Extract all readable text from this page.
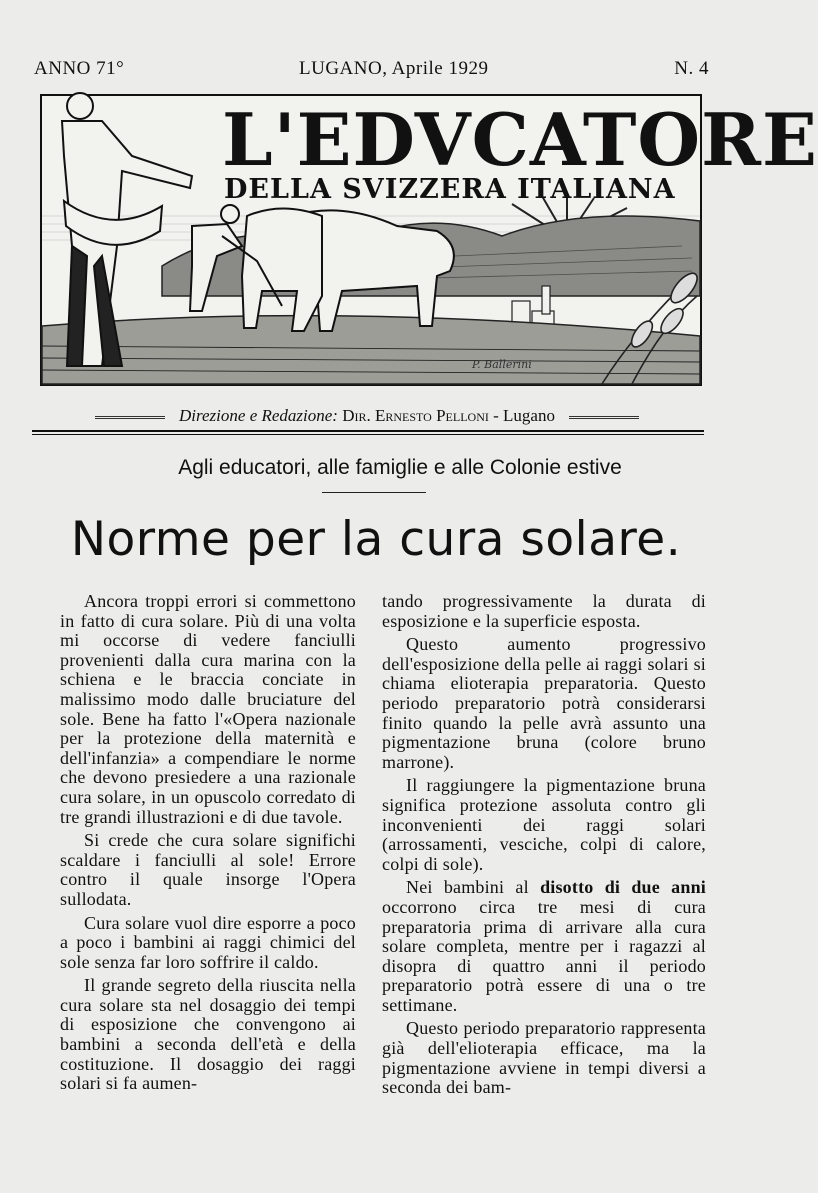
ANNO 71°	LUGANO, Aprile 1929	N. 4
L'EDVCATORE
DELLA SVIZZERA ITALIANA
P. Ballerini
Direzione e Redazione: Dir. Ernesto Pelloni - Lugano
Agli educatori, alle famiglie e alle Colonie estive
Norme per la cura solare.

Ancora troppi errori si commettono in fatto di cura solare. Più di una volta mi occorse di vedere fanciulli provenienti dalla cura marina con la schiena e le braccia conciate in malissimo modo dalle bruciature del sole. Bene ha fatto l'«Opera nazionale per la protezione della maternità e dell'infanzia» a compendiare le norme che devono presiedere a una razionale cura solare, in un opuscolo corredato di tre grandi illustrazioni e di due tavole.

Si crede che cura solare significhi scaldare i fanciulli al sole! Errore contro il quale insorge l'Opera sullodata.

Cura solare vuol dire esporre a poco a poco i bambini ai raggi chimici del sole senza far loro soffrire il caldo.

Il grande segreto della riuscita nella cura solare sta nel dosaggio dei tempi di esposizione che convengono ai bambini a seconda dell'età e della costituzione. Il dosaggio dei raggi solari si fa aumen-

tando progressivamente la durata di esposizione e la superficie esposta.

Questo aumento progressivo dell'esposizione della pelle ai raggi solari si chiama elioterapia preparatoria. Questo periodo preparatorio potrà considerarsi finito quando la pelle avrà assunto una pigmentazione bruna (colore bruno marrone).

Il raggiungere la pigmentazione bruna significa protezione assoluta contro gli inconvenienti dei raggi solari (arrossamenti, vesciche, colpi di calore, colpi di sole).

Nei bambini al disotto di due anni occorrono circa tre mesi di cura preparatoria prima di arrivare alla cura solare completa, mentre per i ragazzi al disopra di quattro anni il periodo preparatorio potrà essere di una o tre settimane.

Questo periodo preparatorio rappresenta già dell'elioterapia efficace, ma la pigmentazione avviene in tempi diversi a seconda dei bam-
